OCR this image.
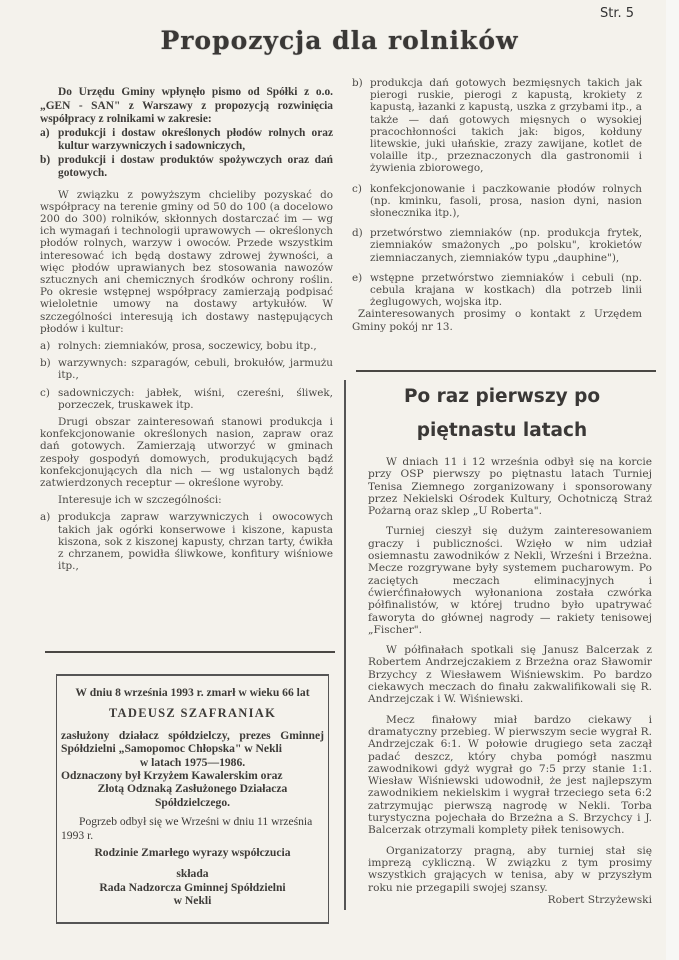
Str. 5
Propozycja dla rolników

Do Urzędu Gminy wpłynęło pismo od Spółki z o.o. „GEN - SAN" z Warszawy z propozycją rozwinięcia współpracy z rolnikami w zakresie:

a) produkcji i dostaw określonych płodów rolnych oraz kultur warzywniczych i sadowniczych,
b) produkcji i dostaw produktów spożywczych oraz dań gotowych.

W związku z powyższym chcieliby pozyskać do współpracy na terenie gminy od 50 do 100 (a docelowo 200 do 300) rolników, skłonnych dostarczać im — wg ich wymagań i technologii uprawowych — określonych płodów rolnych, warzyw i owoców. Przede wszystkim interesować ich będą dostawy zdrowej żywności, a więc płodów uprawianych bez stosowania nawozów sztucznych ani chemicznych środków ochrony roślin. Po okresie wstępnej współpracy zamierzają podpisać wieloletnie umowy na dostawy artykułów. W szczególności interesują ich dostawy następujących płodów i kultur:

a) rolnych: ziemniaków, prosa, soczewicy, bobu itp.,
b) warzywnych: szparagów, cebuli, brokułów, jarmużu itp.,
c) sadowniczych: jabłek, wiśni, czereśni, śliwek, porzeczek, truskawek itp.

Drugi obszar zainteresowań stanowi produkcja i konfekcjonowanie określonych nasion, zapraw oraz dań gotowych. Zamierzają utworzyć w gminach zespoły gospodyń domowych, produkujących bądź konfekcjonujących dla nich — wg ustalonych bądź zatwierdzonych receptur — określone wyroby.

Interesuje ich w szczególności:

a) produkcja zapraw warzywniczych i owocowych takich jak ogórki konserwowe i kiszone, kapusta kiszona, sok z kiszonej kapusty, chrzan tarty, ćwikła z chrzanem, powidła śliwkowe, konfitury wiśniowe itp.,

W dniu 8 września 1993 r. zmarł w wieku 66 lat

TADEUSZ SZAFRANIAK

zasłużony działacz spółdzielczy, prezes Gminnej Spółdzielni „Samopomoc Chłopska" w Nekli

w latach 1975—1986.

Odznaczony był Krzyżem Kawalerskim oraz

Złotą Odznaką Zasłużonego Działacza

Spółdzielczego.

Pogrzeb odbył się we Wrześni w dniu 11 września 1993 r.

Rodzinie Zmarłego wyrazy współczucia

składa

Rada Nadzorcza Gminnej Spółdzielni

w Nekli

b) produkcja dań gotowych bezmięsnych takich jak pierogi ruskie, pierogi z kapustą, krokiety z kapustą, łazanki z kapustą, uszka z grzybami itp., a także — dań gotowych mięsnych o wysokiej pracochłonności takich jak: bigos, kołduny litewskie, juki ułańskie, zrazy zawijane, kotlet de volaille itp., przeznaczonych dla gastronomii i żywienia zbiorowego,
c) konfekcjonowanie i paczkowanie płodów rolnych (np. kminku, fasoli, prosa, nasion dyni, nasion słonecznika itp.),
d) przetwórstwo ziemniaków (np. produkcja frytek, ziemniaków smażonych „po polsku", krokietów ziemniaczanych, ziemniaków typu „dauphine"),
e) wstępne przetwórstwo ziemniaków i cebuli (np. cebula krajana w kostkach) dla potrzeb linii żeglugowych, wojska itp.

Zainteresowanych prosimy o kontakt z Urzędem Gminy pokój nr 13.

Po raz pierwszy po
piętnastu latach

W dniach 11 i 12 września odbył się na korcie przy OSP pierwszy po piętnastu latach Turniej Tenisa Ziemnego zorganizowany i sponsorowany przez Nekielski Ośrodek Kultury, Ochotniczą Straż Pożarną oraz sklep „U Roberta".

Turniej cieszył się dużym zainteresowaniem graczy i publiczności. Wzięło w nim udział osiemnastu zawodników z Nekli, Wrześni i Brzeżna. Mecze rozgrywane były systemem pucharowym. Po zaciętych meczach eliminacyjnych i ćwierćfinałowych wyłonaniona została czwórka półfinalistów, w której trudno było upatrywać faworyta do głównej nagrody — rakiety tenisowej „Fischer".

W półfinałach spotkali się Janusz Balcerzak z Robertem Andrzejczakiem z Brzeżna oraz Sławomir Brzychcy z Wiesławem Wiśniewskim. Po bardzo ciekawych meczach do finału zakwalifikowali się R. Andrzejczak i W. Wiśniewski.

Mecz finałowy miał bardzo ciekawy i dramatyczny przebieg. W pierwszym secie wygrał R. Andrzejczak 6:1. W połowie drugiego seta zaczął padać deszcz, który chyba pomógł naszmu zawodnikowi gdyż wygrał go 7:5 przy stanie 1:1. Wiesław Wiśniewski udowodnił, że jest najlepszym zawodnikiem nekielskim i wygrał trzeciego seta 6:2 zatrzymując pierwszą nagrodę w Nekli. Torba turystyczna pojechała do Brzeżna a S. Brzychcy i J. Balcerzak otrzymali komplety piłek tenisowych.

Organizatorzy pragną, aby turniej stał się imprezą cykliczną. W związku z tym prosimy wszystkich grających w tenisa, aby w przyszłym roku nie przegapili swojej szansy.

Robert Strzyżewski
